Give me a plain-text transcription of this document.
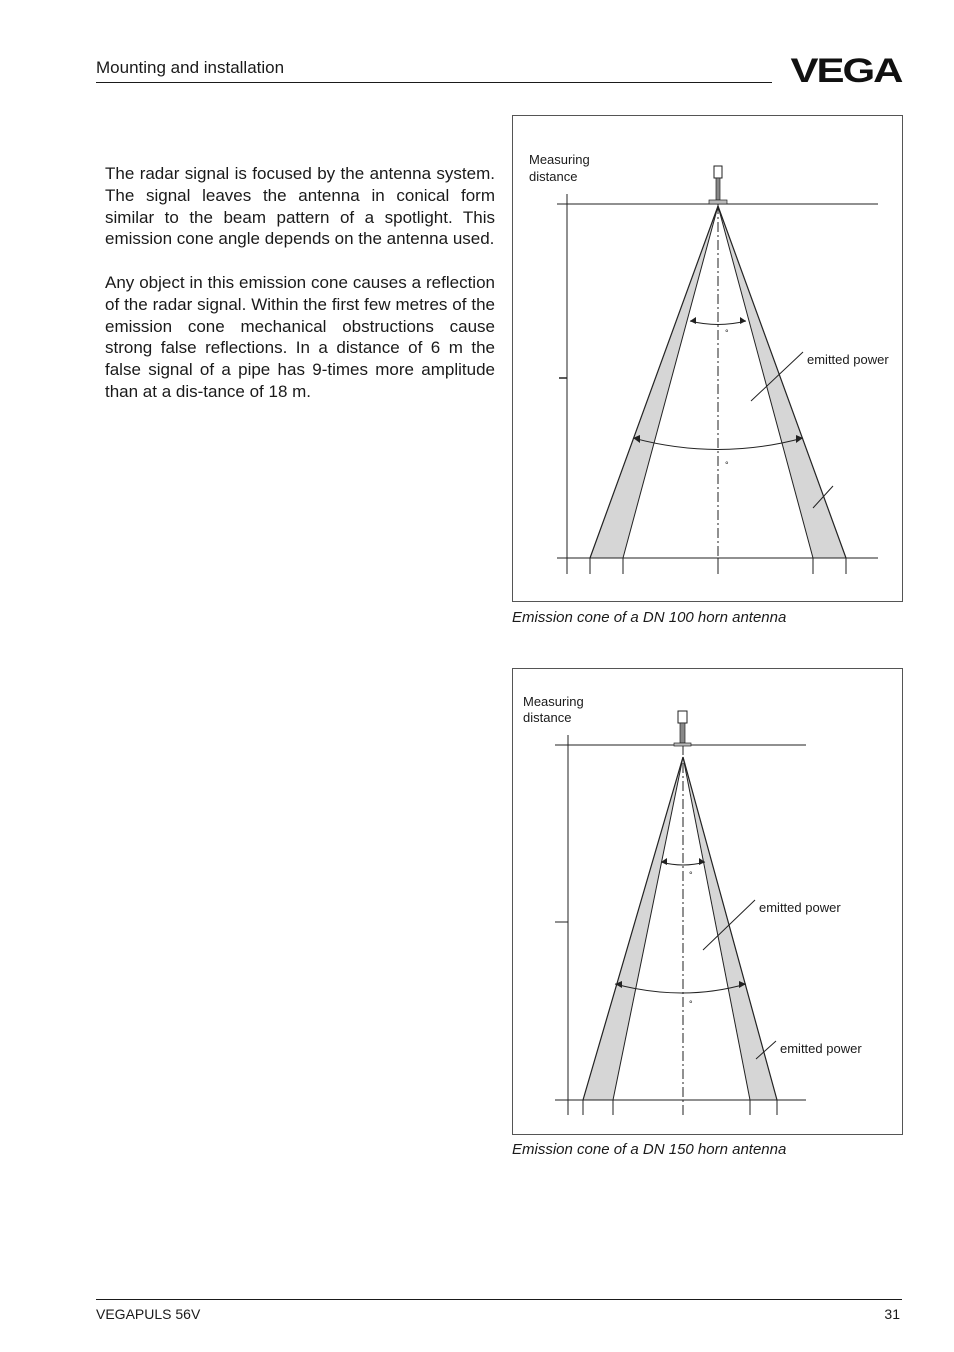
Mounting and installation	VEGA

The radar signal is focused by the antenna system. The signal leaves the antenna in conical form similar to the beam pattern of a spotlight. This emission cone angle depends on the antenna used.

Any object in this emission cone causes a reflection of the radar signal. Within the first few metres of the emission cone mechanical obstructions cause strong false reflections. In a distance of 6 m the false signal of a pipe has 9-times more amplitude than at a dis-tance of 18 m.

Measuring
distance
emitted power
°
°
Emission cone of a DN 100 horn antenna
Measuring
distance
emitted power
emitted power
°
°
Emission cone of a DN 150 horn antenna
VEGAPULS 56V	31
